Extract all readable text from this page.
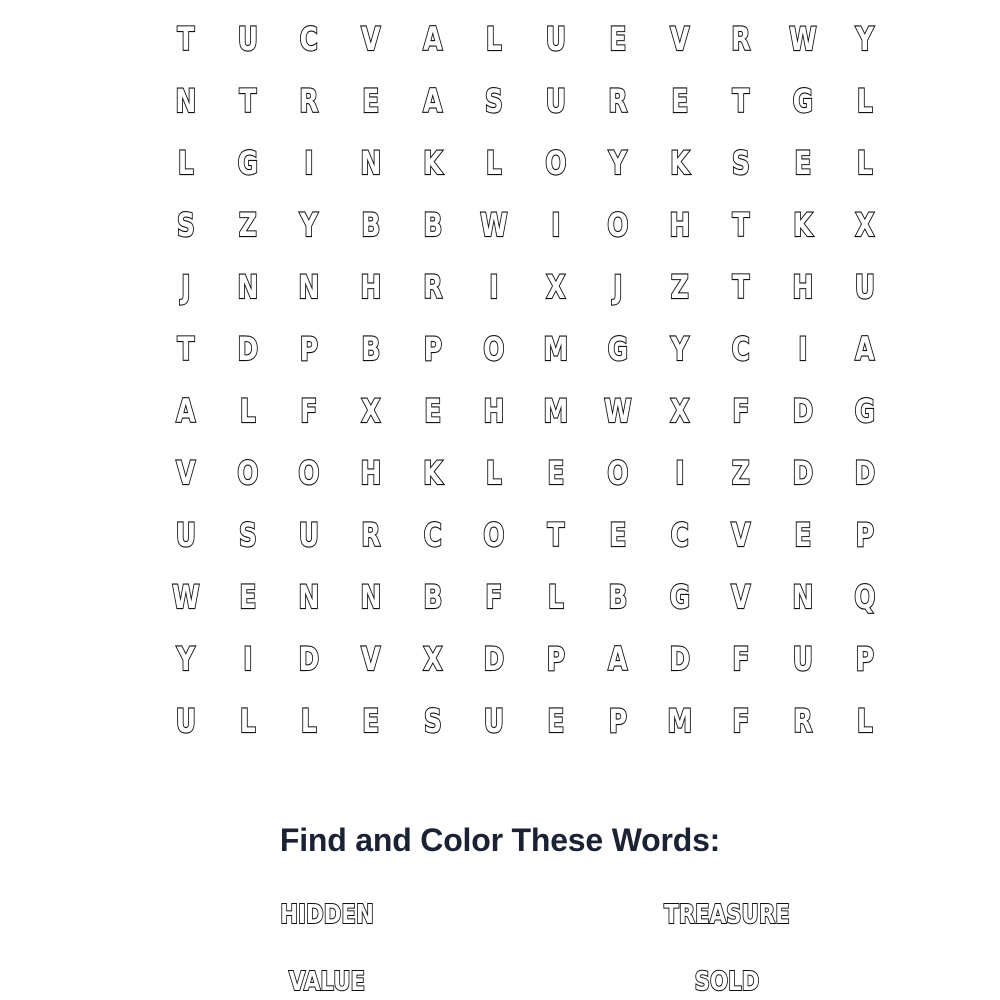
T	U	C	V	A	L	U	E	V	R	W	Y
N	T	R	E	A	S	U	R	E	T	G	L
L	G	I	N	K	L	O	Y	K	S	E	L
S	Z	Y	B	B	W	I	O	H	T	K	X
J	N	N	H	R	I	X	J	Z	T	H	U
T	D	P	B	P	O	M	G	Y	C	I	A
A	L	F	X	E	H	M	W	X	F	D	G
V	O	O	H	K	L	E	O	I	Z	D	D
U	S	U	R	C	O	T	E	C	V	E	P
W	E	N	N	B	F	L	B	G	V	N	Q
Y	I	D	V	X	D	P	A	D	F	U	P
U	L	L	E	S	U	E	P	M	F	R	L
Find and Color These Words:
HIDDEN	TREASURE
VALUE	SOLD
